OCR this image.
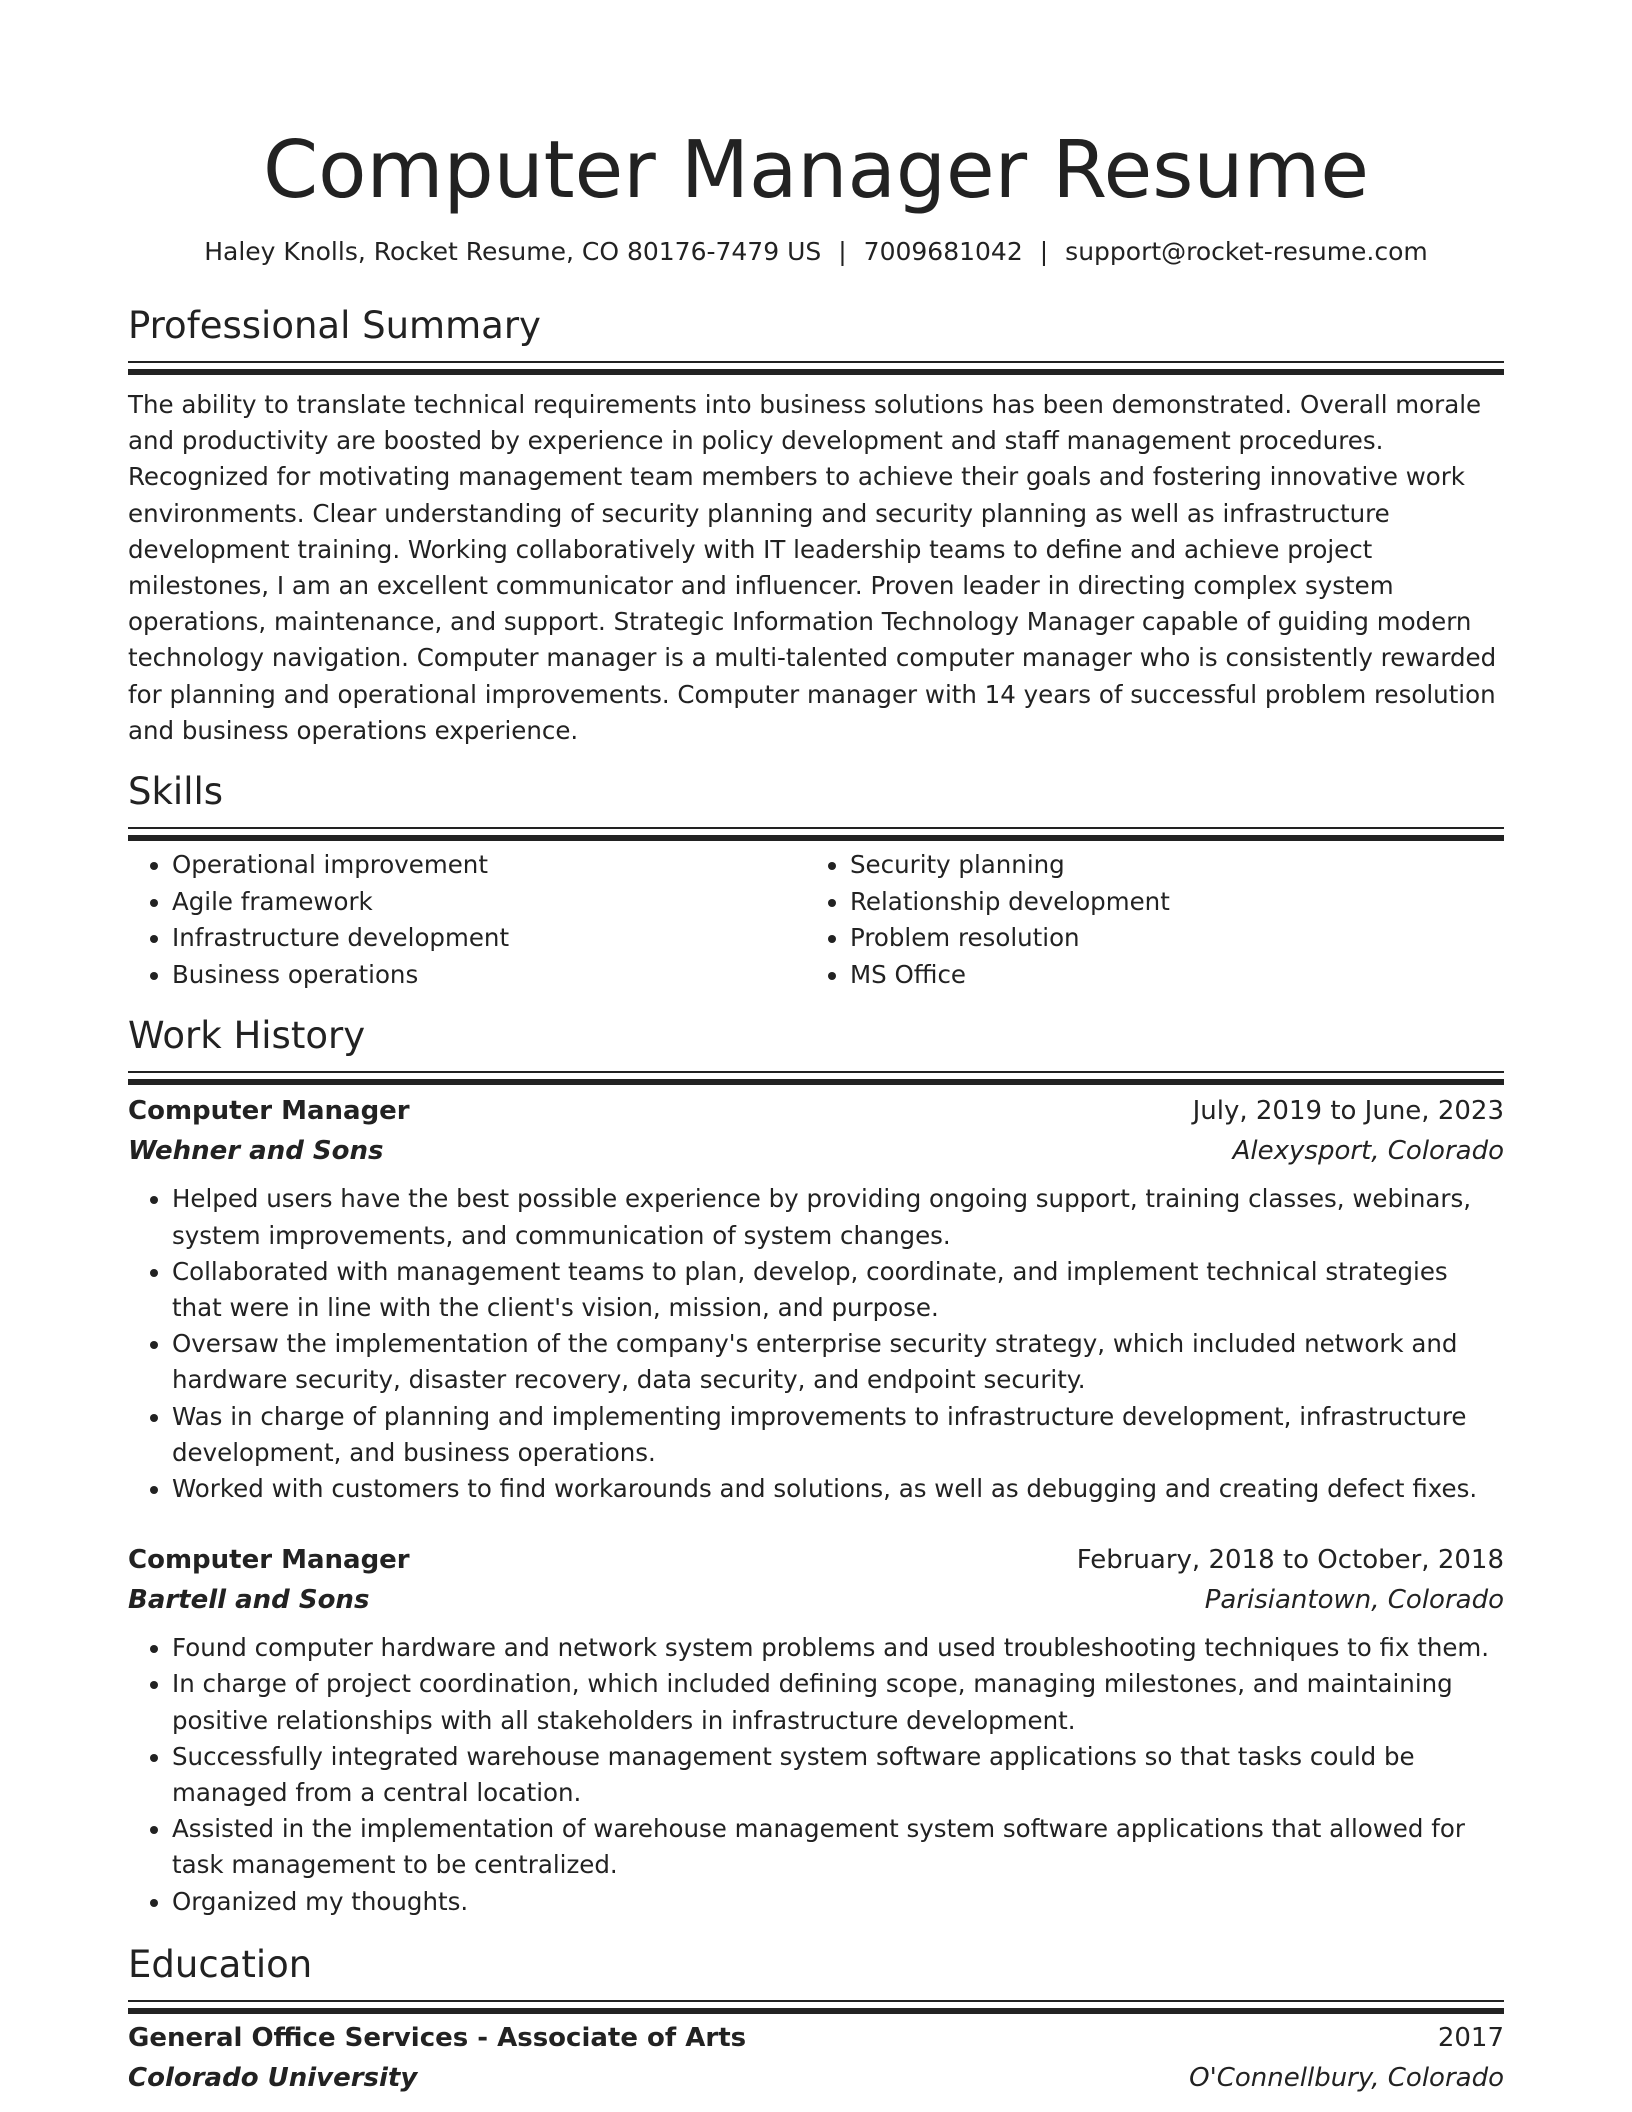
Computer Manager Resume
Haley Knolls, Rocket Resume, CO 80176-7479 US | 7009681042 | support@rocket-resume.com
Professional Summary

The ability to translate technical requirements into business solutions has been demonstrated. Overall morale and productivity are boosted by experience in policy development and staff management procedures. Recognized for motivating management team members to achieve their goals and fostering innovative work environments. Clear understanding of security planning and security planning as well as infrastructure development training. Working collaboratively with IT leadership teams to define and achieve project milestones, I am an excellent communicator and influencer. Proven leader in directing complex system operations, maintenance, and support. Strategic Information Technology Manager capable of guiding modern technology navigation. Computer manager is a multi-talented computer manager who is consistently rewarded for planning and operational improvements. Computer manager with 14 years of successful problem resolution and business operations experience.

Skills
• Operational improvement
• Agile framework
• Infrastructure development
• Business operations
• Security planning
• Relationship development
• Problem resolution
• MS Office
Work History
Computer Manager	July, 2019 to June, 2023
Wehner and Sons	Alexysport, Colorado
• Helped users have the best possible experience by providing ongoing support, training classes, webinars, system improvements, and communication of system changes.
• Collaborated with management teams to plan, develop, coordinate, and implement technical strategies that were in line with the client's vision, mission, and purpose.
• Oversaw the implementation of the company's enterprise security strategy, which included network and hardware security, disaster recovery, data security, and endpoint security.
• Was in charge of planning and implementing improvements to infrastructure development, infrastructure development, and business operations.
• Worked with customers to find workarounds and solutions, as well as debugging and creating defect fixes.
Computer Manager	February, 2018 to October, 2018
Bartell and Sons	Parisiantown, Colorado
• Found computer hardware and network system problems and used troubleshooting techniques to fix them.
• In charge of project coordination, which included defining scope, managing milestones, and maintaining positive relationships with all stakeholders in infrastructure development.
• Successfully integrated warehouse management system software applications so that tasks could be managed from a central location.
• Assisted in the implementation of warehouse management system software applications that allowed for task management to be centralized.
• Organized my thoughts.
Education
General Office Services - Associate of Arts	2017
Colorado University	O'Connellbury, Colorado
